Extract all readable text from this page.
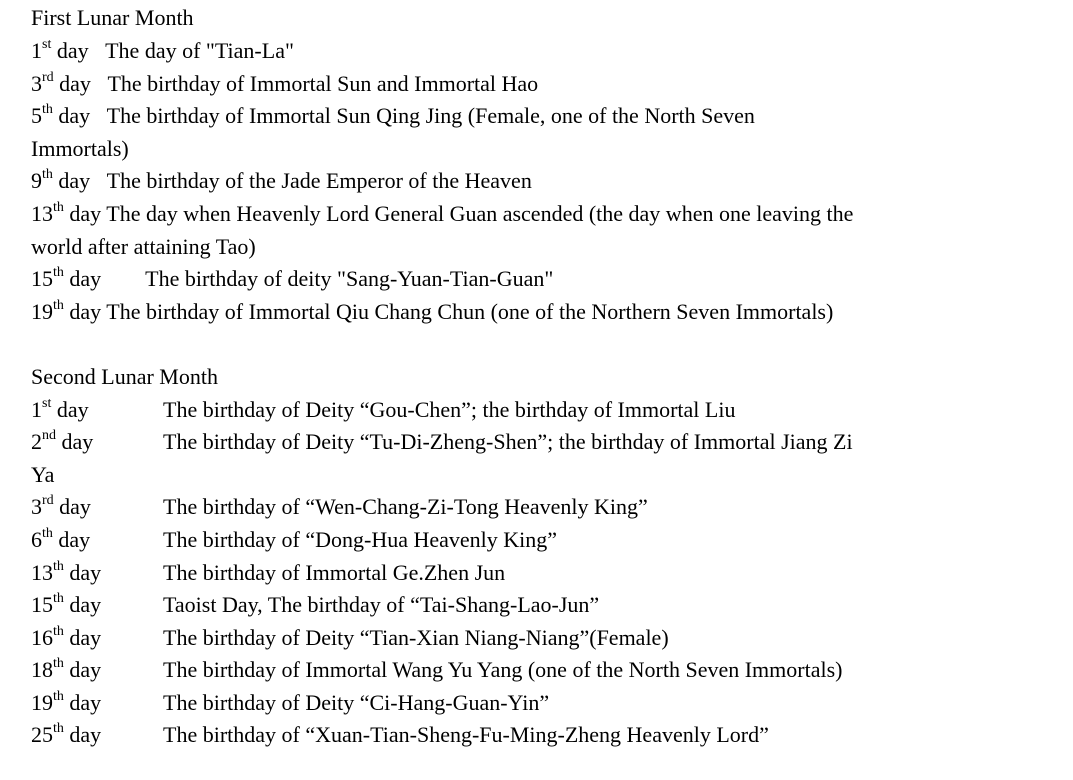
First Lunar Month
1st day The day of "Tian-La"
3rd day The birthday of Immortal Sun and Immortal Hao
5th day The birthday of Immortal Sun Qing Jing (Female, one of the North Seven
Immortals)
9th day The birthday of the Jade Emperor of the Heaven
13th day The day when Heavenly Lord General Guan ascended (the day when one leaving the
world after attaining Tao)
15th day The birthday of deity "Sang-Yuan-Tian-Guan"
19th day The birthday of Immortal Qiu Chang Chun (one of the Northern Seven Immortals)
Second Lunar Month
1st day	The birthday of Deity “Gou-Chen”; the birthday of Immortal Liu
2nd day	The birthday of Deity “Tu-Di-Zheng-Shen”; the birthday of Immortal Jiang Zi
Ya
3rd day	The birthday of “Wen-Chang-Zi-Tong Heavenly King”
6th day	The birthday of “Dong-Hua Heavenly King”
13th day	The birthday of Immortal Ge.Zhen Jun
15th day	Taoist Day, The birthday of “Tai-Shang-Lao-Jun”
16th day	The birthday of Deity “Tian-Xian Niang-Niang”(Female)
18th day	The birthday of Immortal Wang Yu Yang (one of the North Seven Immortals)
19th day	The birthday of Deity “Ci-Hang-Guan-Yin”
25th day	The birthday of “Xuan-Tian-Sheng-Fu-Ming-Zheng Heavenly Lord”
